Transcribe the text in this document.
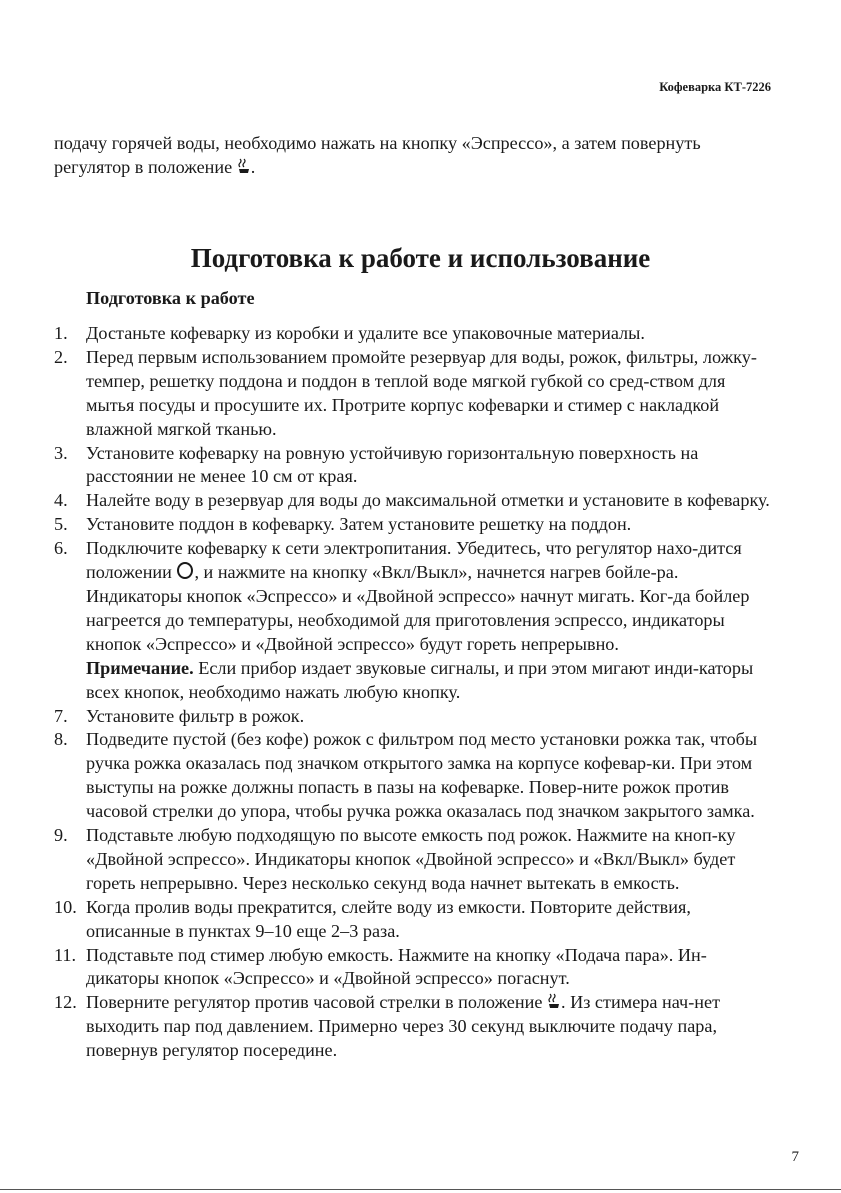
Кофеварка КТ-7226

подачу горячей воды, необходимо нажать на кнопку «Эспрессо», а затем повернуть регулятор в положение .

Подготовка к работе и использование
Подготовка к работе
1. Достаньте кофеварку из коробки и удалите все упаковочные материалы.
2. Перед первым использованием промойте резервуар для воды, рожок, фильтры, ложку-темпер, решетку поддона и поддон в теплой воде мягкой губкой со сред-ством для мытья посуды и просушите их. Протрите корпус кофеварки и стимер с накладкой влажной мягкой тканью.
3. Установите кофеварку на ровную устойчивую горизонтальную поверхность на расстоянии не менее 10 см от края.
4. Налейте воду в резервуар для воды до максимальной отметки и установите в кофеварку.
5. Установите поддон в кофеварку. Затем установите решетку на поддон.
6. Подключите кофеварку к сети электропитания. Убедитесь, что регулятор нахо-дится положении , и нажмите на кнопку «Вкл/Выкл», начнется нагрев бойле-ра. Индикаторы кнопок «Эспрессо» и «Двойной эспрессо» начнут мигать. Ког-да бойлер нагреется до температуры, необходимой для приготовления эспрессо, индикаторы кнопок «Эспрессо» и «Двойной эспрессо» будут гореть непрерывно.
Примечание. Если прибор издает звуковые сигналы, и при этом мигают инди-каторы всех кнопок, необходимо нажать любую кнопку.
7. Установите фильтр в рожок.
8. Подведите пустой (без кофе) рожок с фильтром под место установки рожка так, чтобы ручка рожка оказалась под значком открытого замка на корпусе кофевар-ки. При этом выступы на рожке должны попасть в пазы на кофеварке. Повер-ните рожок против часовой стрелки до упора, чтобы ручка рожка оказалась под значком закрытого замка.
9. Подставьте любую подходящую по высоте емкость под рожок. Нажмите на кноп-ку «Двойной эспрессо». Индикаторы кнопок «Двойной эспрессо» и «Вкл/Выкл» будет гореть непрерывно. Через несколько секунд вода начнет вытекать в емкость.
10. Когда пролив воды прекратится, слейте воду из емкости. Повторите действия, описанные в пунктах 9–10 еще 2–3 раза.
11. Подставьте под стимер любую емкость. Нажмите на кнопку «Подача пара». Ин-дикаторы кнопок «Эспрессо» и «Двойной эспрессо» погаснут.
12. Поверните регулятор против часовой стрелки в положение . Из стимера нач-нет выходить пар под давлением. Примерно через 30 секунд выключите подачу пара, повернув регулятор посередине.
7
